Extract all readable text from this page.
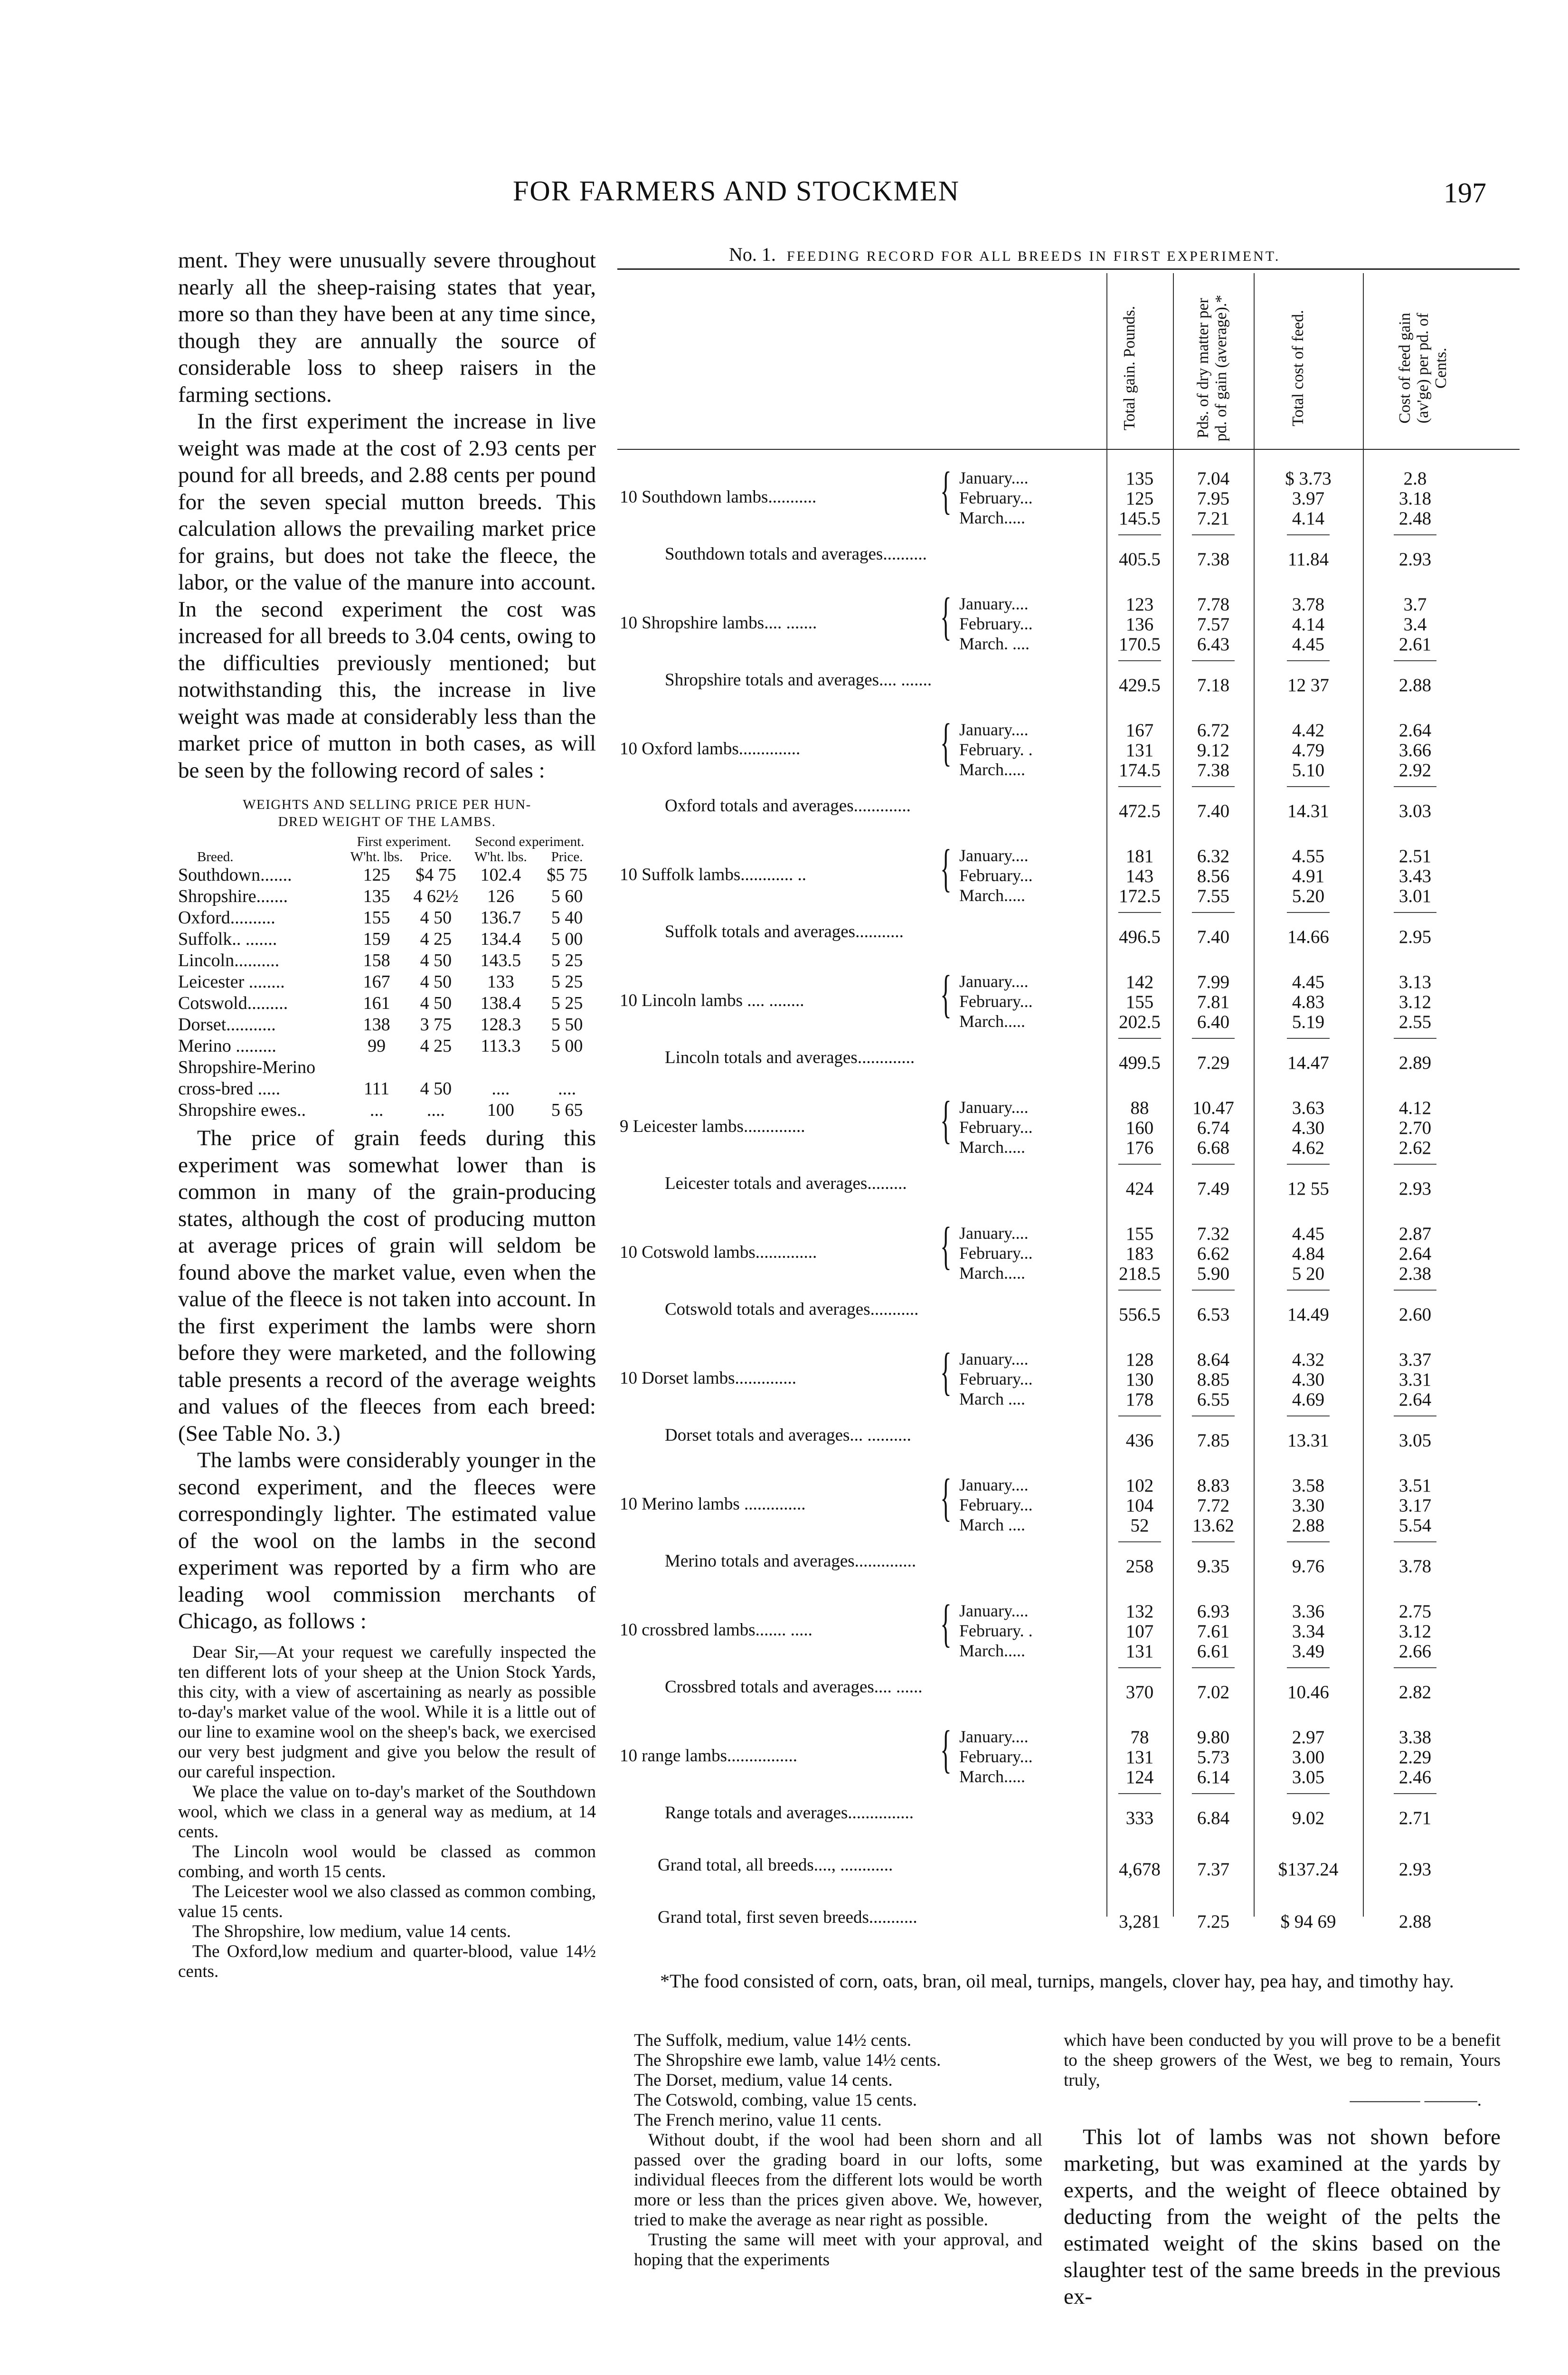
FOR FARMERS AND STOCKMEN	197

ment. They were unusually severe throughout nearly all the sheep-raising states that year, more so than they have been at any time since, though they are annually the source of considerable loss to sheep raisers in the farming sections.

In the first experiment the increase in live weight was made at the cost of 2.93 cents per pound for all breeds, and 2.88 cents per pound for the seven special mutton breeds. This calculation allows the prevailing market price for grains, but does not take the fleece, the labor, or the value of the manure into account. In the second experiment the cost was increased for all breeds to 3.04 cents, owing to the difficulties previously mentioned; but notwithstanding this, the increase in live weight was made at considerably less than the market price of mutton in both cases, as will be seen by the following record of sales :

WEIGHTS AND SELLING PRICE PER HUN-
DRED WEIGHT OF THE LAMBS.
	First experiment.		Second experiment.	
Breed.	W'ht. lbs.	Price.	W'ht. lbs.	Price.
Southdown.......	125	$4 75	102.4	$5 75
Shropshire.......	135	4 62½	126	5 60
Oxford..........	155	4 50	136.7	5 40
Suffolk.. .......	159	4 25	134.4	5 00
Lincoln..........	158	4 50	143.5	5 25
Leicester ........	167	4 50	133	5 25
Cotswold.........	161	4 50	138.4	5 25
Dorset...........	138	3 75	128.3	5 50
Merino .........	99	4 25	113.3	5 00
Shropshire-Merino				
cross-bred .....	111	4 50	....	....
Shropshire ewes..	...	....	100	5 65

The price of grain feeds during this experiment was somewhat lower than is common in many of the grain-producing states, although the cost of producing mutton at average prices of grain will seldom be found above the market value, even when the value of the fleece is not taken into account. In the first experiment the lambs were shorn before they were marketed, and the following table presents a record of the average weights and values of the fleeces from each breed: (See Table No. 3.)

The lambs were considerably younger in the second experiment, and the fleeces were correspondingly lighter. The estimated value of the wool on the lambs in the second experiment was reported by a firm who are leading wool commission merchants of Chicago, as follows :

Dear Sir,—At your request we carefully inspected the ten different lots of your sheep at the Union Stock Yards, this city, with a view of ascertaining as nearly as possible to-day's market value of the wool. While it is a little out of our line to examine wool on the sheep's back, we exercised our very best judgment and give you below the result of our careful inspection.

We place the value on to-day's market of the Southdown wool, which we class in a general way as medium, at 14 cents.

The Lincoln wool would be classed as common combing, and worth 15 cents.

The Leicester wool we also classed as common combing, value 15 cents.

The Shropshire, low medium, value 14 cents.

The Oxford,low medium and quarter-blood, value 14½ cents.

No. 1. FEEDING RECORD FOR ALL BREEDS IN FIRST EXPERIMENT.
Total gain. Pounds.	Pds. of dry matter per pd. of gain (average).*	Total cost of feed.	Cost of feed gain (av'ge) per pd. of Cents.
10 Southdown lambs........... { January....	135	7.04	$ 3.73	2.8
February...	125	7.95	3.97	3.18
March.....	145.5	7.21	4.14	2.48
Southdown totals and averages..........	405.5	7.38	11.84	2.93
10 Shropshire lambs.... ....... { January....	123	7.78	3.78	3.7
February...	136	7.57	4.14	3.4
March. ....	170.5	6.43	4.45	2.61
Shropshire totals and averages.... .......	429.5	7.18	12 37	2.88
10 Oxford lambs..............	{ January....	167	6.72	4.42	2.64
February. .	131	9.12	4.79	3.66
March.....	174.5	7.38	5.10	2.92
Oxford totals and averages.............	472.5	7.40	14.31	3.03
10 Suffolk lambs............ ..	{ January....	181	6.32	4.55	2.51
February...	143	8.56	4.91	3.43
March.....	172.5	7.55	5.20	3.01
Suffolk totals and averages...........	496.5	7.40	14.66	2.95
10 Lincoln lambs .... ........	{ January....	142	7.99	4.45	3.13
February...	155	7.81	4.83	3.12
March.....	202.5	6.40	5.19	2.55
Lincoln totals and averages.............	499.5	7.29	14.47	2.89
9 Leicester lambs..............	{ January....	88	10.47	3.63	4.12
February...	160	6.74	4.30	2.70
March.....	176	6.68	4.62	2.62
Leicester totals and averages.........	424	7.49	12 55	2.93
10 Cotswold lambs.............. { January....	155	7.32	4.45	2.87
February...	183	6.62	4.84	2.64
March.....	218.5	5.90	5 20	2.38
Cotswold totals and averages...........	556.5	6.53	14.49	2.60
10 Dorset lambs..............	{ January....	128	8.64	4.32	3.37
February...	130	8.85	4.30	3.31
March ....	178	6.55	4.69	2.64
Dorset totals and averages... ..........	436	7.85	13.31	3.05
10 Merino lambs ..............	{ January....	102	8.83	3.58	3.51
February...	104	7.72	3.30	3.17
March ....	52	13.62	2.88	5.54
Merino totals and averages..............	258	9.35	9.76	3.78
10 crossbred lambs....... ..... { January....	132	6.93	3.36	2.75
February. .	107	7.61	3.34	3.12
March.....	131	6.61	3.49	2.66
Crossbred totals and averages.... ......	370	7.02	10.46	2.82
10 range lambs................	{ January....	78	9.80	2.97	3.38
February...	131	5.73	3.00	2.29
March.....	124	6.14	3.05	2.46
Range totals and averages...............	333	6.84	9.02	2.71
Grand total, all breeds...., ............	4,678	7.37	$137.24	2.93
Grand total, first seven breeds...........	3,281	7.25	$ 94 69	2.88
*The food consisted of corn, oats, bran, oil meal, turnips, mangels, clover hay, pea hay, and timothy hay.

The Suffolk, medium, value 14½ cents.

The Shropshire ewe lamb, value 14½ cents.

The Dorset, medium, value 14 cents.

The Cotswold, combing, value 15 cents.

The French merino, value 11 cents.

Without doubt, if the wool had been shorn and all passed over the grading board in our lofts, some individual fleeces from the different lots would be worth more or less than the prices given above. We, however, tried to make the average as near right as possible.

Trusting the same will meet with your approval, and hoping that the experiments

which have been conducted by you will prove to be a benefit to the sheep growers of the West, we beg to remain, Yours truly,

———— ———.

This lot of lambs was not shown before marketing, but was examined at the yards by experts, and the weight of fleece obtained by deducting from the weight of the pelts the estimated weight of the skins based on the slaughter test of the same breeds in the previous ex-
